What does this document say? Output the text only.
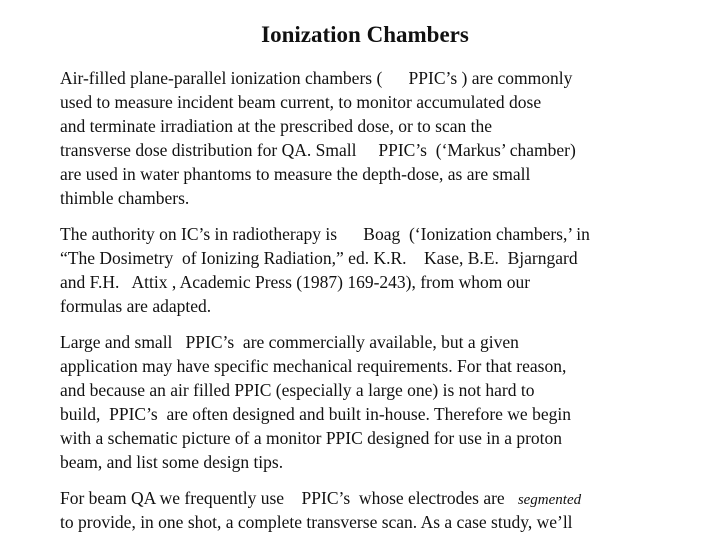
Ionization Chambers
Air-filled plane-parallel ionization chambers (      PPIC’s ) are commonly
used to measure incident beam current, to monitor accumulated dose
and terminate irradiation at the prescribed dose, or to scan the
transverse dose distribution for QA. Small     PPIC’s  (‘Markus’ chamber)
are used in water phantoms to measure the depth-dose, as are small
thimble chambers.
The authority on IC’s in radiotherapy is      Boag  (‘Ionization chambers,’ in
“The Dosimetry  of Ionizing Radiation,” ed. K.R.    Kase, B.E.  Bjarngard
and F.H.   Attix , Academic Press (1987) 169-243), from whom our
formulas are adapted.
Large and small   PPIC’s  are commercially available, but a given
application may have specific mechanical requirements. For that reason,
and because an air filled PPIC (especially a large one) is not hard to
build,  PPIC’s  are often designed and built in-house. Therefore we begin
with a schematic picture of a monitor PPIC designed for use in a proton
beam, and list some design tips.
For beam QA we frequently use    PPIC’s  whose electrodes are   segmented
to provide, in one shot, a complete transverse scan. As a case study, we’ll
